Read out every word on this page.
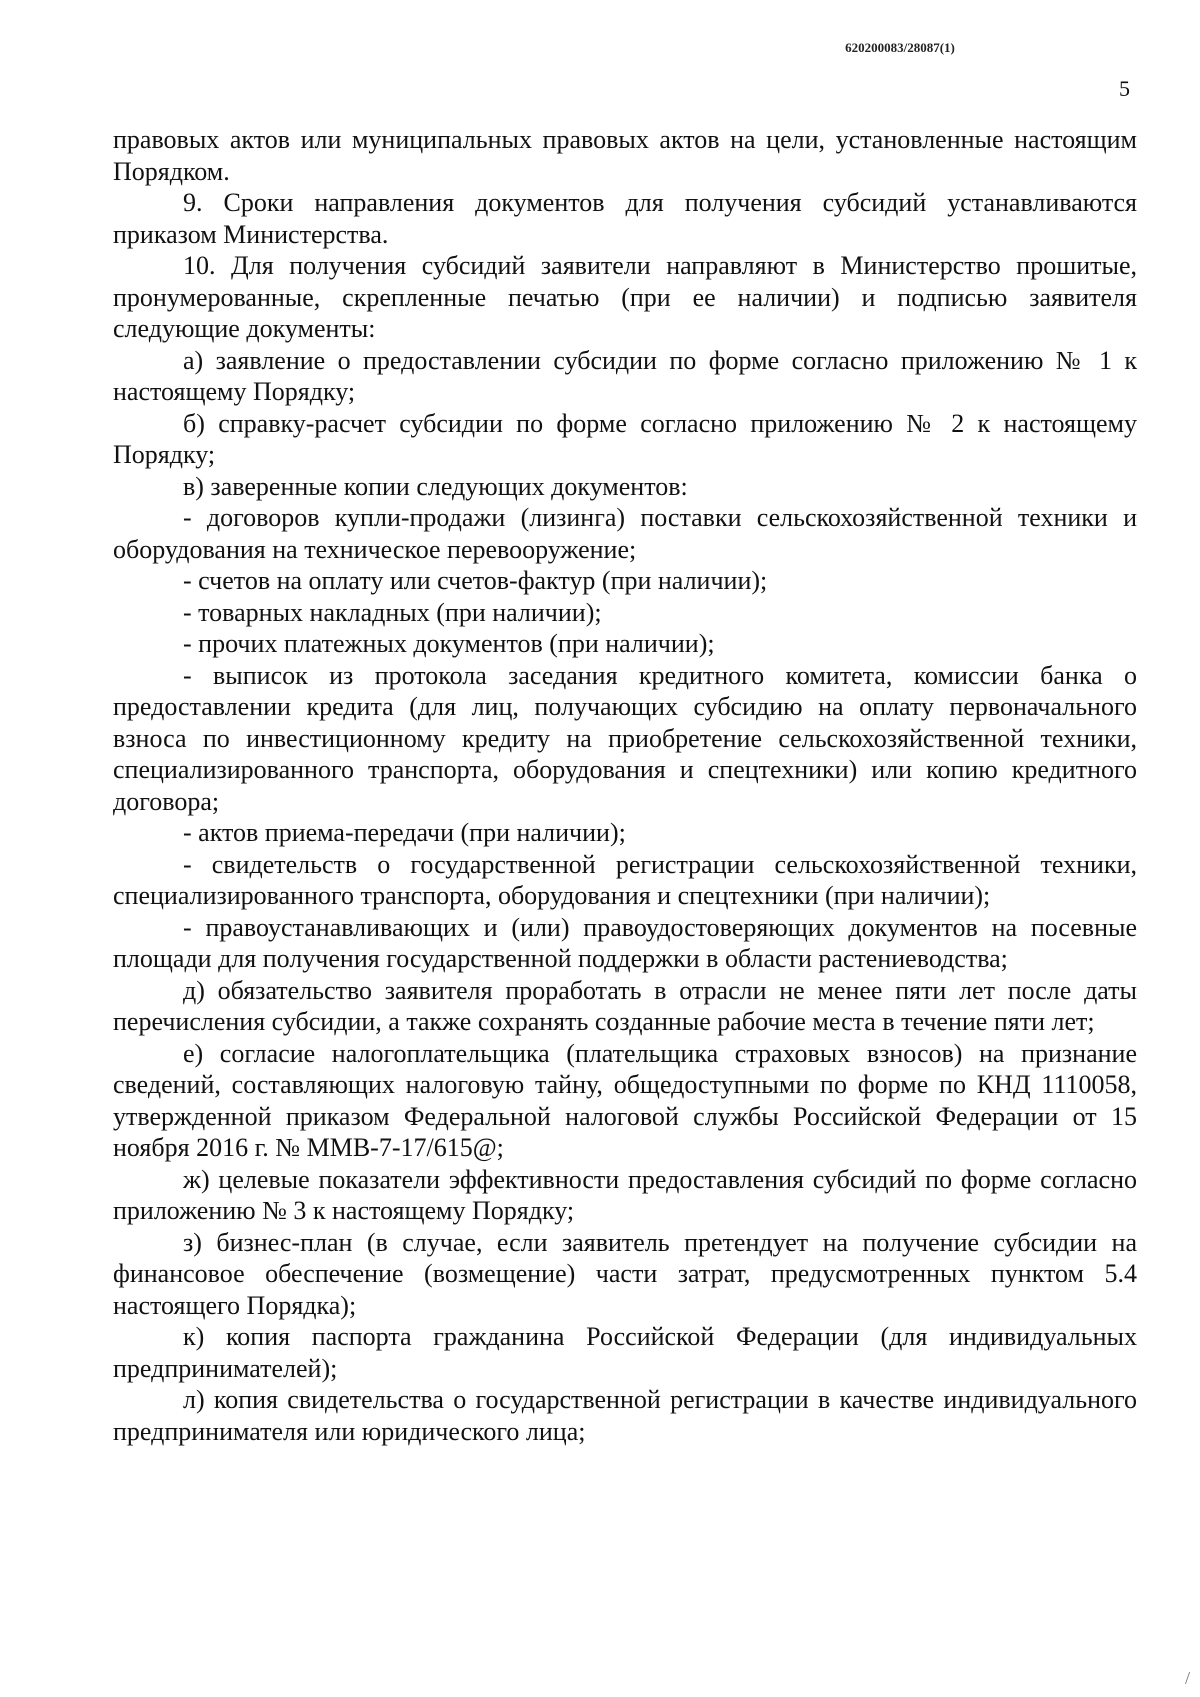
620200083/28087(1)
5

правовых актов или муниципальных правовых актов на цели, установленные настоящим Порядком.

9. Сроки направления документов для получения субсидий устанавливаются приказом Министерства.

10. Для получения субсидий заявители направляют в Министерство прошитые, пронумерованные, скрепленные печатью (при ее наличии) и подписью заявителя следующие документы:

а) заявление о предоставлении субсидии по форме согласно приложению № 1 к настоящему Порядку;

б) справку-расчет субсидии по форме согласно приложению № 2 к настоящему Порядку;

в) заверенные копии следующих документов:

- договоров купли-продажи (лизинга) поставки сельскохозяйственной техники и оборудования на техническое перевооружение;

- счетов на оплату или счетов-фактур (при наличии);

- товарных накладных (при наличии);

- прочих платежных документов (при наличии);

- выписок из протокола заседания кредитного комитета, комиссии банка о предоставлении кредита (для лиц, получающих субсидию на оплату первоначального взноса по инвестиционному кредиту на приобретение сельскохозяйственной техники, специализированного транспорта, оборудования и спецтехники) или копию кредитного договора;

- актов приема-передачи (при наличии);

- свидетельств о государственной регистрации сельскохозяйственной техники, специализированного транспорта, оборудования и спецтехники (при наличии);

- правоустанавливающих и (или) правоудостоверяющих документов на посевные площади для получения государственной поддержки в области растениеводства;

д) обязательство заявителя проработать в отрасли не менее пяти лет после даты перечисления субсидии, а также сохранять созданные рабочие места в течение пяти лет;

е) согласие налогоплательщика (плательщика страховых взносов) на признание сведений, составляющих налоговую тайну, общедоступными по форме по КНД 1110058, утвержденной приказом Федеральной налоговой службы Российской Федерации от 15 ноября 2016 г. № ММВ-7-17/615@;

ж) целевые показатели эффективности предоставления субсидий по форме согласно приложению № 3 к настоящему Порядку;

з) бизнес-план (в случае, если заявитель претендует на получение субсидии на финансовое обеспечение (возмещение) части затрат, предусмотренных пунктом 5.4 настоящего Порядка);

к) копия паспорта гражданина Российской Федерации (для индивидуальных предпринимателей);

л) копия свидетельства о государственной регистрации в качестве индивидуального предпринимателя или юридического лица;

/
